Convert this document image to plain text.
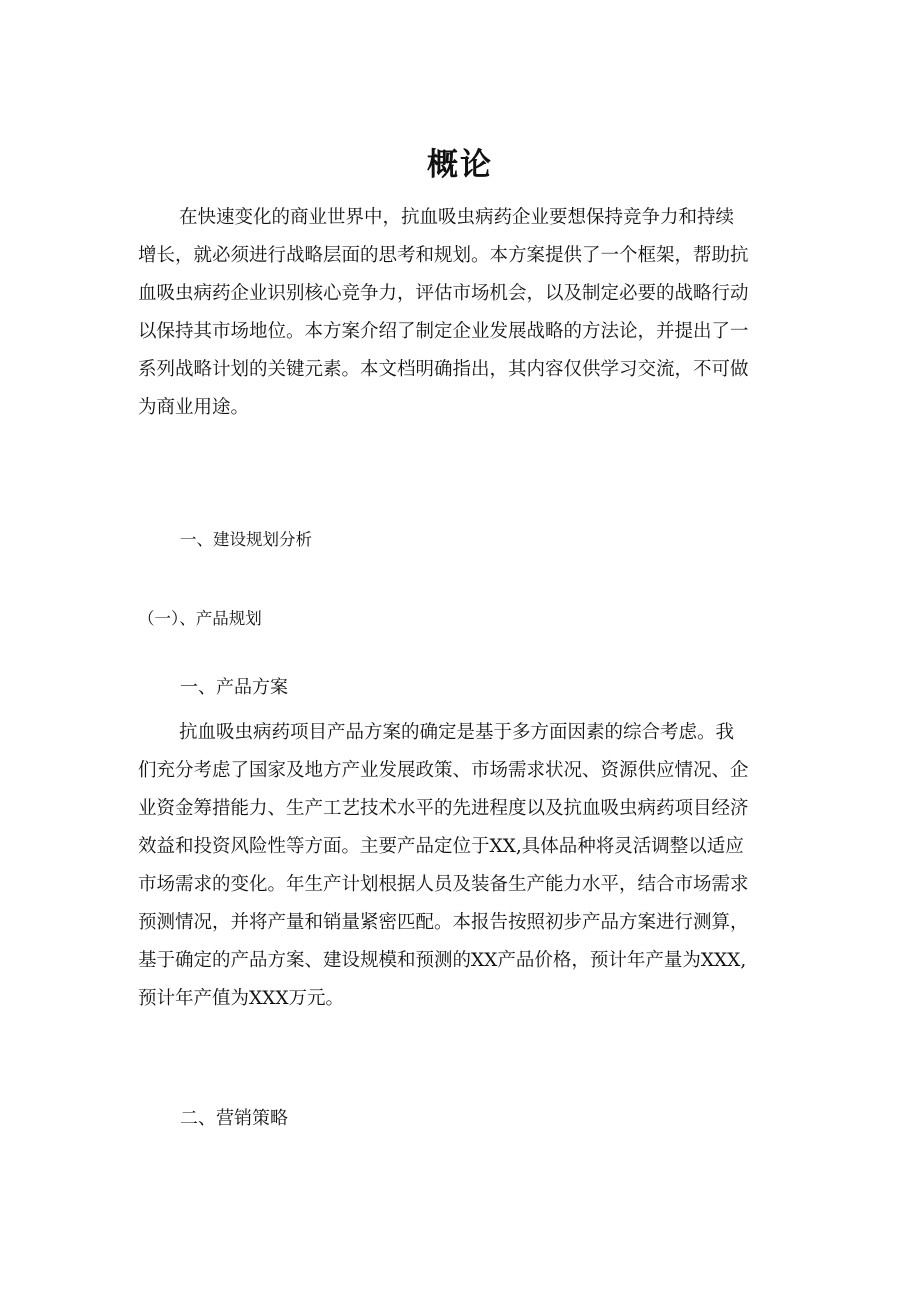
概论
在快速变化的商业世界中，抗血吸虫病药企业要想保持竞争力和持续
增长，就必须进行战略层面的思考和规划。本方案提供了一个框架，帮助抗
血吸虫病药企业识别核心竞争力，评估市场机会，以及制定必要的战略行动
以保持其市场地位。本方案介绍了制定企业发展战略的方法论，并提出了一
系列战略计划的关键元素。本文档明确指出，其内容仅供学习交流，不可做
为商业用途。

一、建设规划分析

（一）、产品规划

一、产品方案

抗血吸虫病药项目产品方案的确定是基于多方面因素的综合考虑。我
们充分考虑了国家及地方产业发展政策、市场需求状况、资源供应情况、企
业资金筹措能力、生产工艺技术水平的先进程度以及抗血吸虫病药项目经济
效益和投资风险性等方面。主要产品定位于XX,具体品种将灵活调整以适应
市场需求的变化。年生产计划根据人员及装备生产能力水平，结合市场需求
预测情况，并将产量和销量紧密匹配。本报告按照初步产品方案进行测算，
基于确定的产品方案、建设规模和预测的XX产品价格，预计年产量为XXX,
预计年产值为XXX万元。

二、营销策略
